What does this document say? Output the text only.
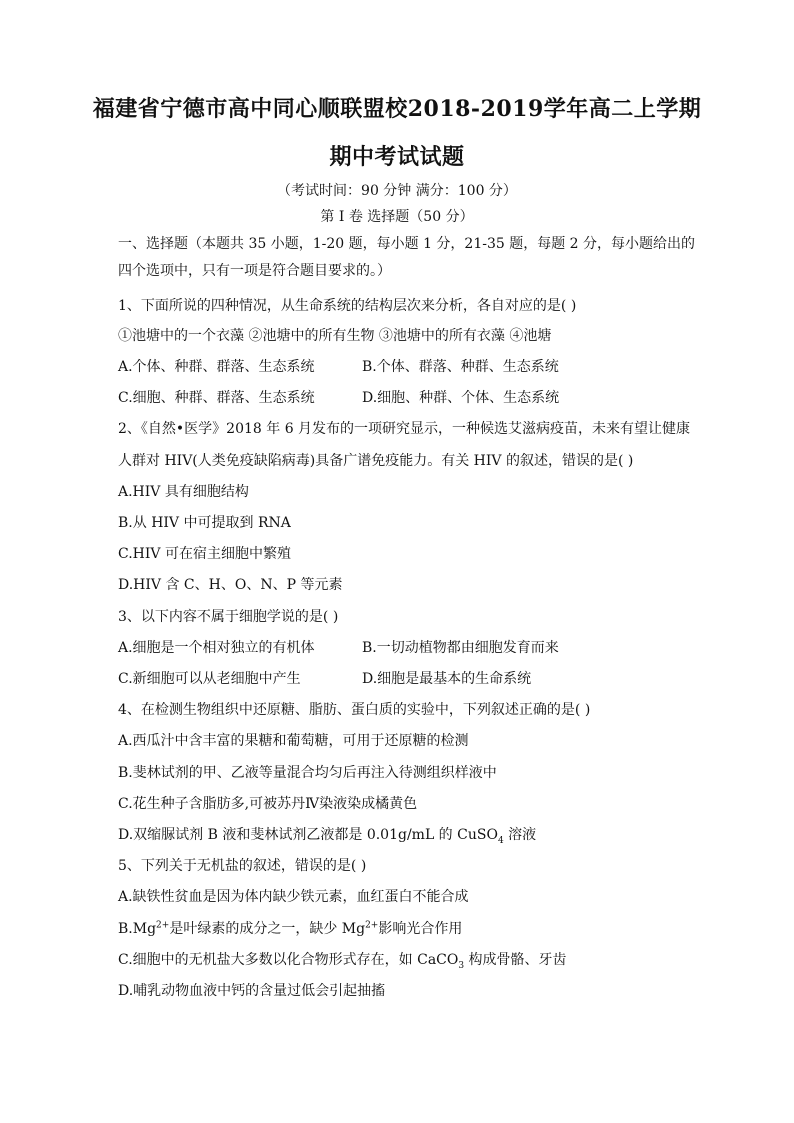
福建省宁德市高中同心顺联盟校2018-2019学年高二上学期
期中考试试题
（考试时间：90 分钟 满分：100 分）
第 I 卷 选择题（50 分）
一、选择题（本题共 35 小题，1-20 题，每小题 1 分，21-35 题，每题 2 分，每小题给出的
四个选项中，只有一项是符合题目要求的。）
1、下面所说的四种情况，从生命系统的结构层次来分析，各自对应的是( )
①池塘中的一个衣藻 ②池塘中的所有生物 ③池塘中的所有衣藻 ④池塘
A.个体、种群、群落、生态系统	B.个体、群落、种群、生态系统
C.细胞、种群、群落、生态系统	D.细胞、种群、个体、生态系统
2、《自然•医学》2018 年 6 月发布的一项研究显示，一种候选艾滋病疫苗，未来有望让健康
人群对 HIV(人类免疫缺陷病毒)具备广谱免疫能力。有关 HIV 的叙述，错误的是( )
A.HIV 具有细胞结构
B.从 HIV 中可提取到 RNA
C.HIV 可在宿主细胞中繁殖
D.HIV 含 C、H、O、N、P 等元素
3、以下内容不属于细胞学说的是( )
A.细胞是一个相对独立的有机体	B.一切动植物都由细胞发育而来
C.新细胞可以从老细胞中产生	D.细胞是最基本的生命系统
4、在检测生物组织中还原糖、脂肪、蛋白质的实验中，下列叙述正确的是( )
A.西瓜汁中含丰富的果糖和葡萄糖，可用于还原糖的检测
B.斐林试剂的甲、乙液等量混合均匀后再注入待测组织样液中
C.花生种子含脂肪多,可被苏丹Ⅳ染液染成橘黄色
D.双缩脲试剂 B 液和斐林试剂乙液都是 0.01g/mL 的 CuSO$_4$ 溶液
5、下列关于无机盐的叙述，错误的是( )
A.缺铁性贫血是因为体内缺少铁元素，血红蛋白不能合成
$B.Mg^{2+}$是叶绿素的成分之一，缺少 $Mg^{2+}$影响光合作用
C.细胞中的无机盐大多数以化合物形式存在，如 CaCO$_3$ 构成骨骼、牙齿
D.哺乳动物血液中钙的含量过低会引起抽搐
